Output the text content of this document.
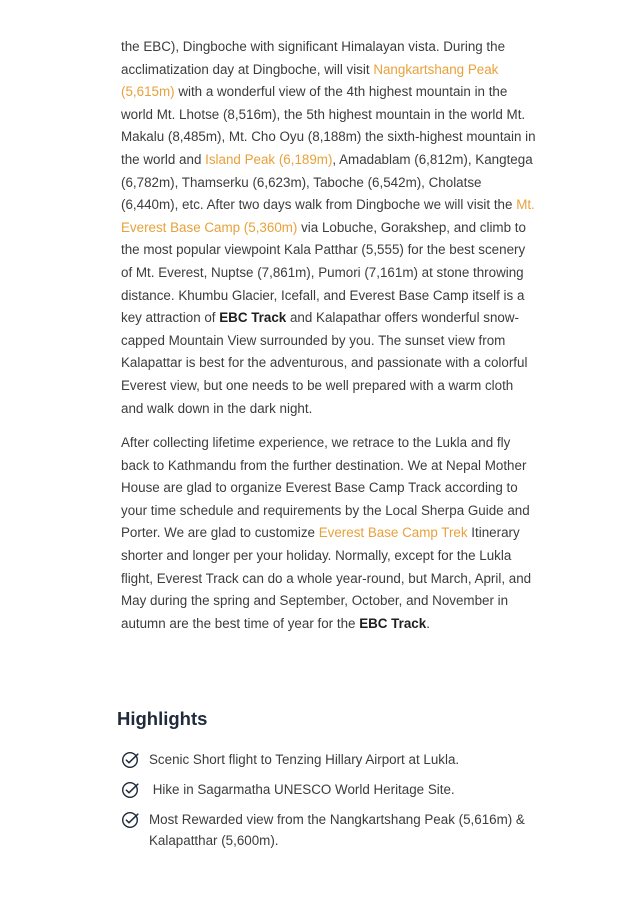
the EBC), Dingboche with significant Himalayan vista. During the acclimatization day at Dingboche, will visit Nangkartshang Peak (5,615m) with a wonderful view of the 4th highest mountain in the world Mt. Lhotse (8,516m), the 5th highest mountain in the world Mt. Makalu (8,485m), Mt. Cho Oyu (8,188m) the sixth-highest mountain in the world and Island Peak (6,189m), Amadablam (6,812m), Kangtega (6,782m), Thamserku (6,623m), Taboche (6,542m), Cholatse (6,440m), etc. After two days walk from Dingboche we will visit the Mt. Everest Base Camp (5,360m) via Lobuche, Gorakshep, and climb to the most popular viewpoint Kala Patthar (5,555) for the best scenery of Mt. Everest, Nuptse (7,861m), Pumori (7,161m) at stone throwing distance. Khumbu Glacier, Icefall, and Everest Base Camp itself is a key attraction of EBC Track and Kalapathar offers wonderful snow-capped Mountain View surrounded by you. The sunset view from Kalapattar is best for the adventurous, and passionate with a colorful Everest view, but one needs to be well prepared with a warm cloth and walk down in the dark night.

After collecting lifetime experience, we retrace to the Lukla and fly back to Kathmandu from the further destination. We at Nepal Mother House are glad to organize Everest Base Camp Track according to your time schedule and requirements by the Local Sherpa Guide and Porter. We are glad to customize Everest Base Camp Trek Itinerary shorter and longer per your holiday. Normally, except for the Lukla flight, Everest Track can do a whole year-round, but March, April, and May during the spring and September, October, and November in autumn are the best time of year for the EBC Track.

Highlights
Scenic Short flight to Tenzing Hillary Airport at Lukla.
Hike in Sagarmatha UNESCO World Heritage Site.
Most Rewarded view from the Nangkartshang Peak (5,616m) & Kalapatthar (5,600m).
